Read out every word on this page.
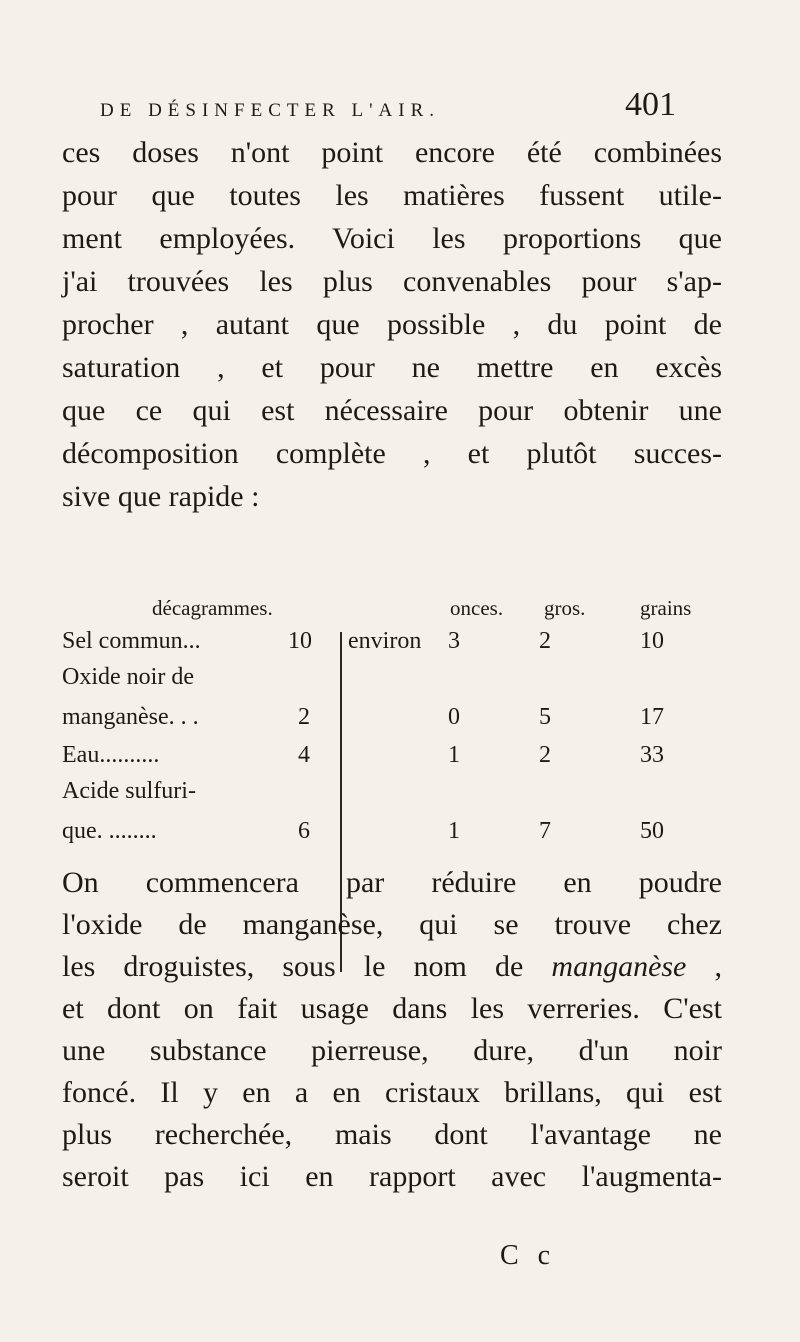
DE DÉSINFECTER L'AIR.	401
ces doses n'ont point encore été combinées
pour que toutes les matières fussent utile-
ment employées. Voici les proportions que
j'ai trouvées les plus convenables pour s'ap-
procher , autant que possible , du point de
saturation , et pour ne mettre en excès
que ce qui est nécessaire pour obtenir une
décomposition complète , et plutôt succes-
sive que rapide :
décagrammes.	onces. gros.	grains
Sel commun...	10 environ 3	2	10
Oxide noir de
manganèse. . .	2	0	5	17
Eau..........	4	1	2	33
Acide sulfuri-
que. ........	6	1	7	50
On commencera par réduire en poudre
l'oxide de manganèse, qui se trouve chez
les droguistes, sous le nom de manganèse ,
et dont on fait usage dans les verreries. C'est
une substance pierreuse, dure, d'un noir
foncé. Il y en a en cristaux brillans, qui est
plus recherchée, mais dont l'avantage ne
seroit pas ici en rapport avec l'augmenta-
C c
